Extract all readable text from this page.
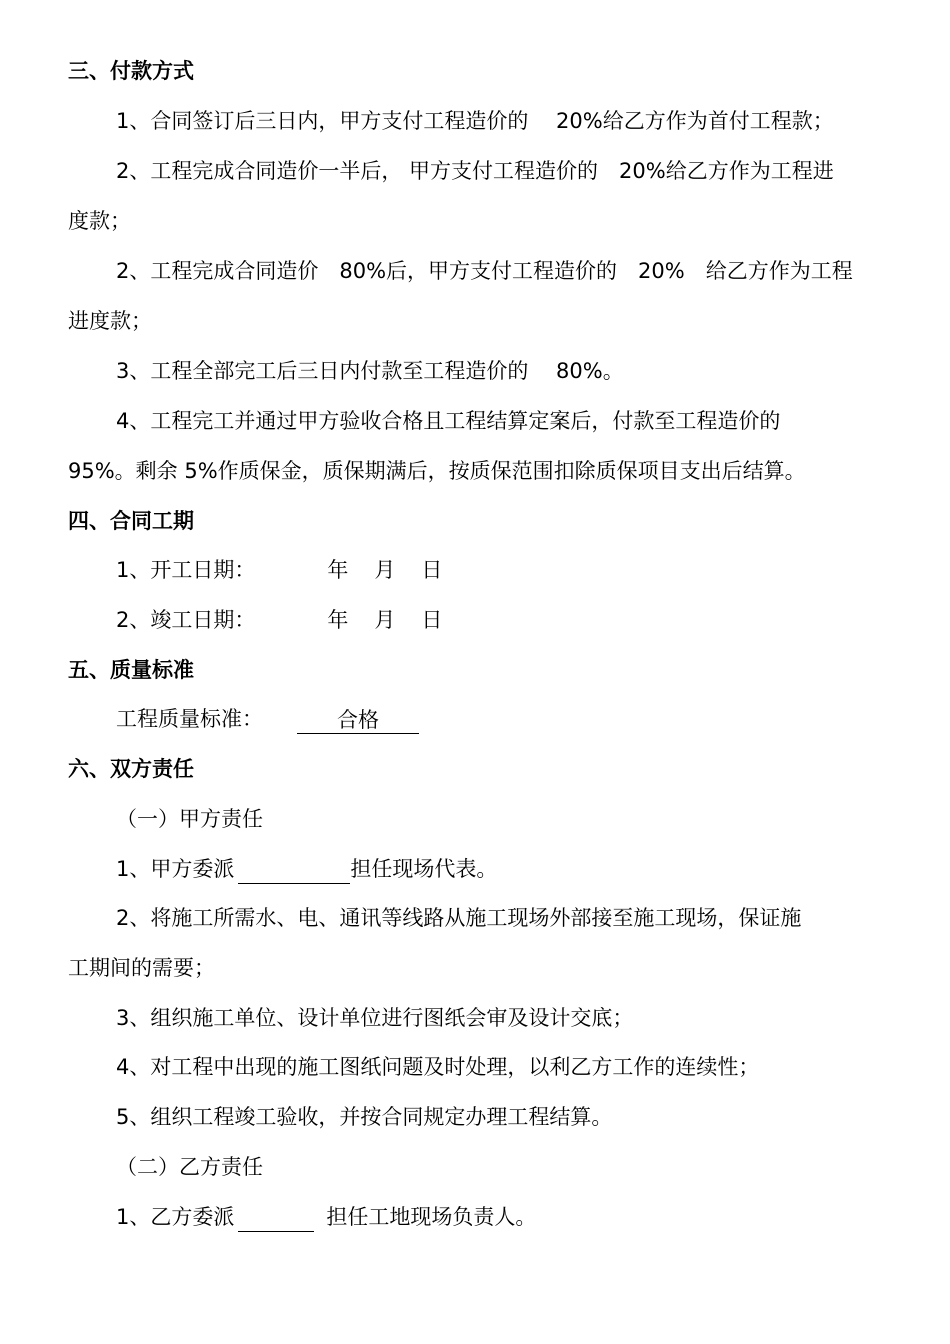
三、付款方式
1、合同签订后三日内，甲方支付工程造价的　 20%给乙方作为首付工程款；
2、工程完成合同造价一半后， 甲方支付工程造价的　20%给乙方作为工程进
度款；
2、工程完成合同造价　80%后，甲方支付工程造价的　20%　给乙方作为工程
进度款；
3、工程全部完工后三日内付款至工程造价的　 80%。
4、工程完工并通过甲方验收合格且工程结算定案后，付款至工程造价的
95%。剩余 5%作质保金，质保期满后，按质保范围扣除质保项目支出后结算。
四、合同工期
1、开工日期：	年 月 日
2、竣工日期：	年 月 日
五、质量标准
工程质量标准：	合格
六、双方责任
（一）甲方责任
1、甲方委派	担任现场代表。
2、将施工所需水、电、通讯等线路从施工现场外部接至施工现场，保证施
工期间的需要；
3、组织施工单位、设计单位进行图纸会审及设计交底；
4、对工程中出现的施工图纸问题及时处理，以利乙方工作的连续性；
5、组织工程竣工验收，并按合同规定办理工程结算。
（二）乙方责任
1、乙方委派	担任工地现场负责人。
